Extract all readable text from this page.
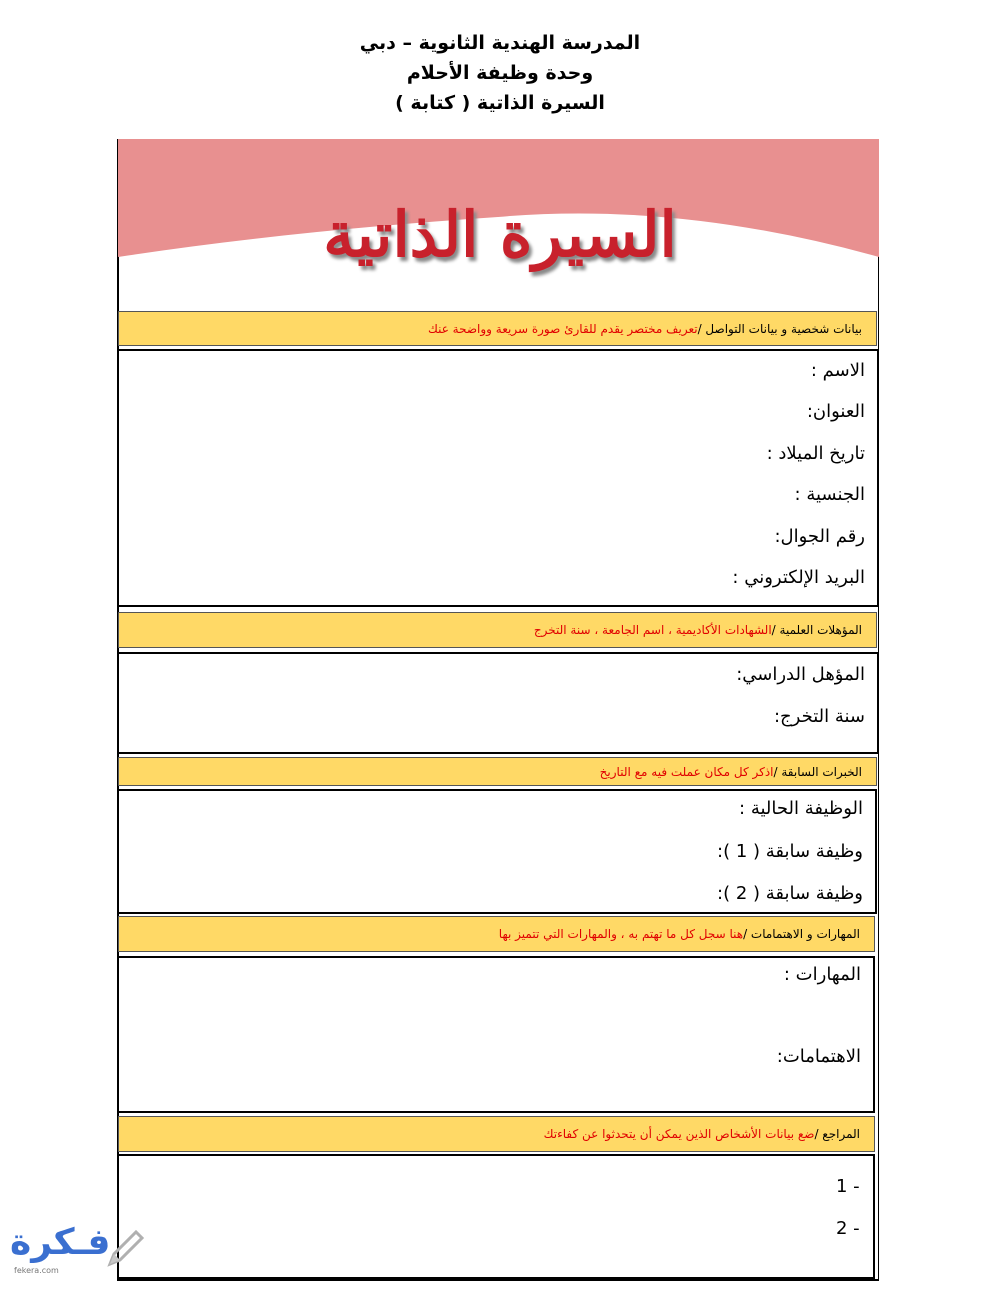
المدرسة الهندية الثانوية – دبي
وحدة وظيفة الأحلام
السيرة الذاتية ( كتابة )
السيرة الذاتية
بيانات شخصية و بيانات التواصل /
تعريف مختصر يقدم للقارئ صورة سريعة وواضحة عنك
الاسم :
العنوان:
تاريخ الميلاد :
الجنسية :
رقم الجوال:
البريد الإلكتروني :
المؤهلات العلمية /
الشهادات الأكاديمية ، اسم الجامعة ، سنة التخرج
المؤهل الدراسي:
سنة التخرج:
الخبرات السابقة /
اذكر كل مكان عملت فيه مع التاريخ
الوظيفة الحالية :
وظيفة سابقة ( 1 ):
وظيفة سابقة ( 2 ):
المهارات و الاهتمامات /
هنا سجل كل ما تهتم به ، والمهارات التي تتميز بها
المهارات :
الاهتمامات:
المراجع /
ضع بيانات الأشخاص الذين يمكن أن يتحدثوا عن كفاءتك
1 -
2 -
فـكرة
fekera.com
